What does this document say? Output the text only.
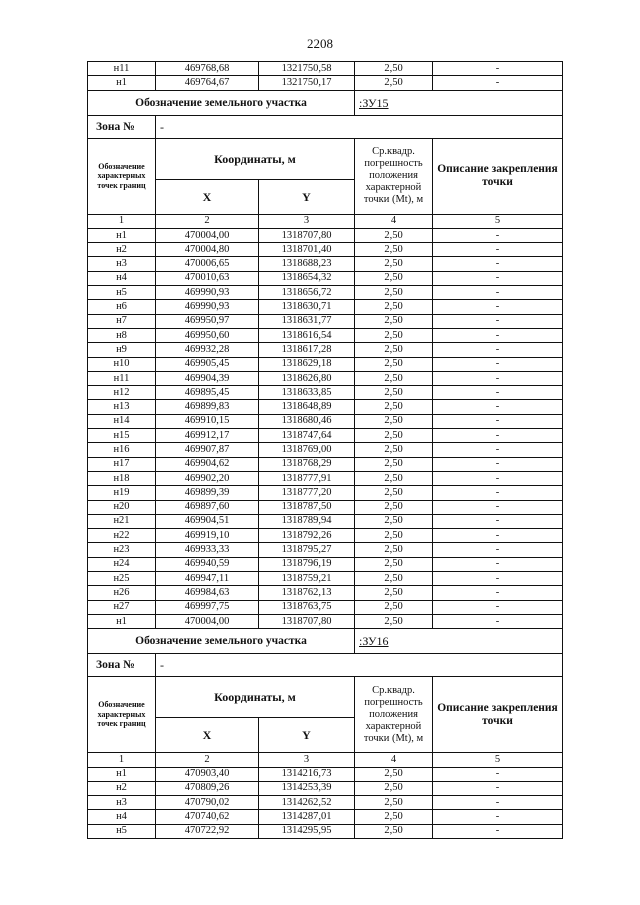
2208
н11	469768,68	1321750,58	2,50	-
н1	469764,67	1321750,17	2,50	-
Обозначение земельного участка			:ЗУ15	
Зона №	-			
Обозначение характерных точек границ	Координаты, м		Ср.квадр. погрешность положения характерной точки (Mt), м	Описание закрепления точки
	X	Y		
1	2	3	4	5
н1	470004,00	1318707,80	2,50	-
н2	470004,80	1318701,40	2,50	-
н3	470006,65	1318688,23	2,50	-
н4	470010,63	1318654,32	2,50	-
н5	469990,93	1318656,72	2,50	-
н6	469990,93	1318630,71	2,50	-
н7	469950,97	1318631,77	2,50	-
н8	469950,60	1318616,54	2,50	-
н9	469932,28	1318617,28	2,50	-
н10	469905,45	1318629,18	2,50	-
н11	469904,39	1318626,80	2,50	-
н12	469895,45	1318633,85	2,50	-
н13	469899,83	1318648,89	2,50	-
н14	469910,15	1318680,46	2,50	-
н15	469912,17	1318747,64	2,50	-
н16	469907,87	1318769,00	2,50	-
н17	469904,62	1318768,29	2,50	-
н18	469902,20	1318777,91	2,50	-
н19	469899,39	1318777,20	2,50	-
н20	469897,60	1318787,50	2,50	-
н21	469904,51	1318789,94	2,50	-
н22	469919,10	1318792,26	2,50	-
н23	469933,33	1318795,27	2,50	-
н24	469940,59	1318796,19	2,50	-
н25	469947,11	1318759,21	2,50	-
н26	469984,63	1318762,13	2,50	-
н27	469997,75	1318763,75	2,50	-
н1	470004,00	1318707,80	2,50	-
Обозначение земельного участка			:ЗУ16	
Зона №	-			
Обозначение характерных точек границ	Координаты, м		Ср.квадр. погрешность положения характерной точки (Mt), м	Описание закрепления точки
	X	Y		
1	2	3	4	5
н1	470903,40	1314216,73	2,50	-
н2	470809,26	1314253,39	2,50	-
н3	470790,02	1314262,52	2,50	-
н4	470740,62	1314287,01	2,50	-
н5	470722,92	1314295,95	2,50	-
